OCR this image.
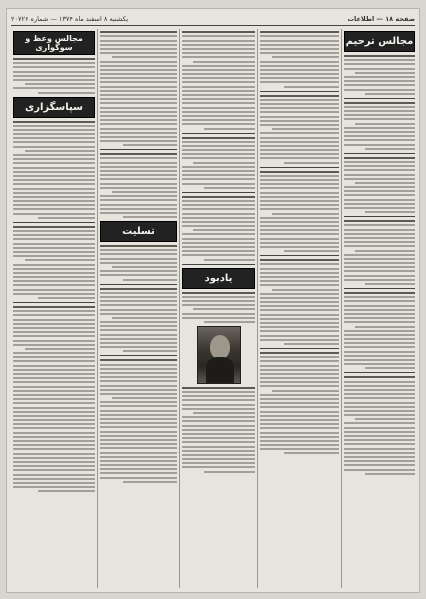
صفحه ۱۸ — اطلاعات
یکشنبه ۸ اسفند ماه ۱۳۷۴ — شماره ۲۰۷۲۶
مجالس ترحیم
یادبود
تسلیت
مجالس وعظ و سوگواری
سپاسگزاری
